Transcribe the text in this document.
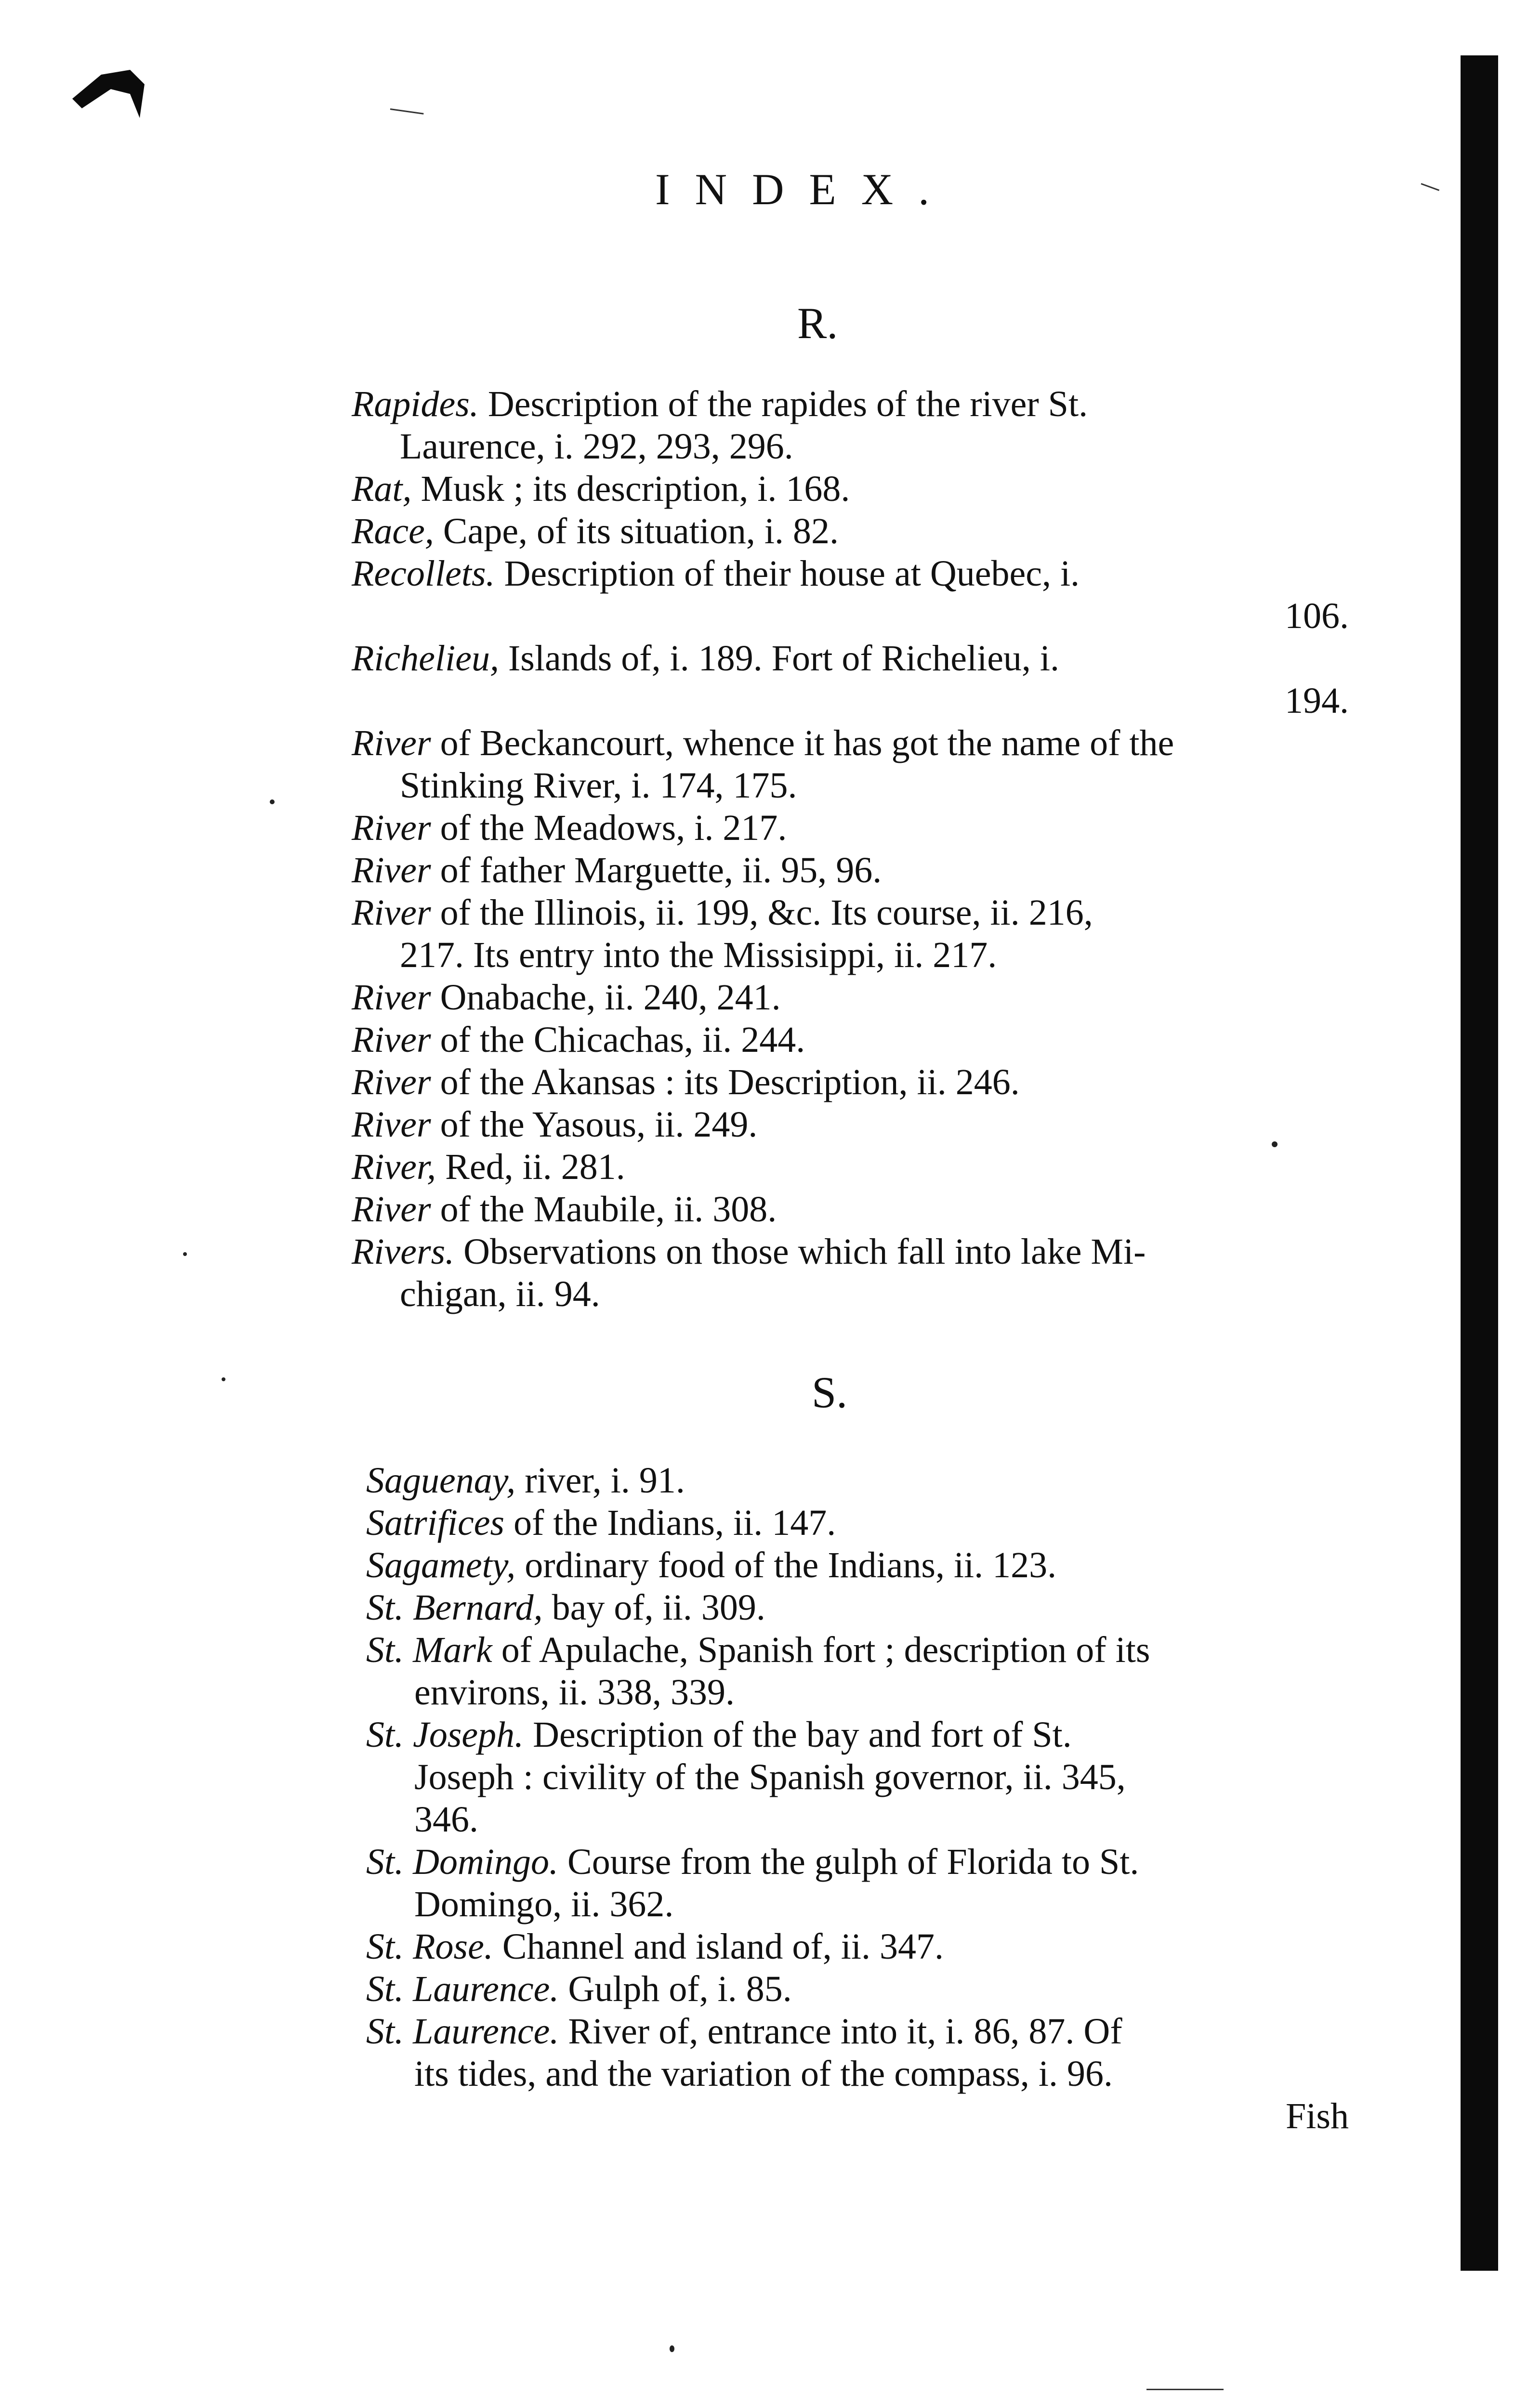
INDEX.
R.
Rapides. Description of the rapides of the river St.
Laurence, i. 292, 293, 296.
Rat, Musk ; its description, i. 168.
Race, Cape, of its situation, i. 82.
Recollets. Description of their house at Quebec, i.
106.
Richelieu, Islands of, i. 189. Fort of Richelieu, i.
194.
River of Beckancourt, whence it has got the name of the
Stinking River, i. 174, 175.
River of the Meadows, i. 217.
River of father Marguette, ii. 95, 96.
River of the Illinois, ii. 199, &c. Its course, ii. 216,
217. Its entry into the Missisippi, ii. 217.
River Onabache, ii. 240, 241.
River of the Chicachas, ii. 244.
River of the Akansas : its Description, ii. 246.
River of the Yasous, ii. 249.
River, Red, ii. 281.
River of the Maubile, ii. 308.
Rivers. Observations on those which fall into lake Mi-
chigan, ii. 94.
S.
Saguenay, river, i. 91.
Satrifices of the Indians, ii. 147.
Sagamety, ordinary food of the Indians, ii. 123.
St. Bernard, bay of, ii. 309.
St. Mark of Apulache, Spanish fort ; description of its
environs, ii. 338, 339.
St. Joseph. Description of the bay and fort of St.
Joseph : civility of the Spanish governor, ii. 345,
346.
St. Domingo. Course from the gulph of Florida to St.
Domingo, ii. 362.
St. Rose. Channel and island of, ii. 347.
St. Laurence. Gulph of, i. 85.
St. Laurence. River of, entrance into it, i. 86, 87. Of
its tides, and the variation of the compass, i. 96.
Fish
